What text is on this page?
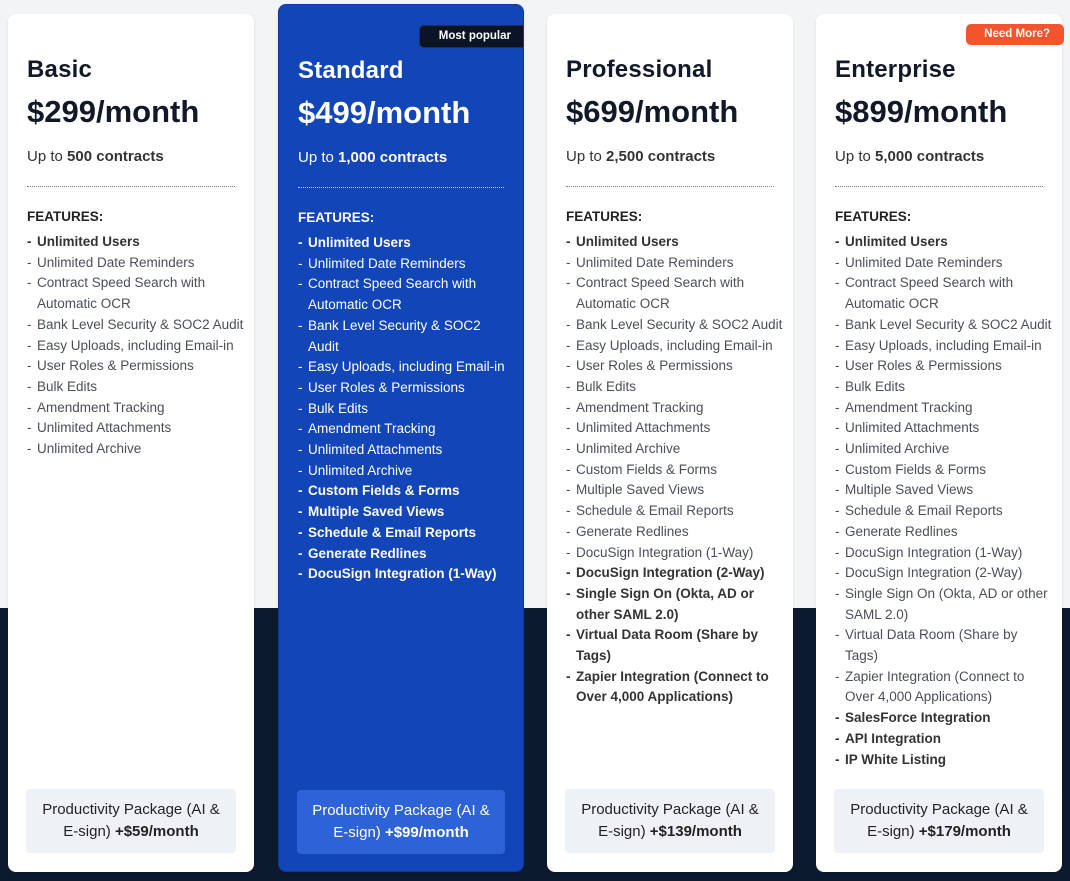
Basic
$299/month
Up to 500 contracts
FEATURES:
- Unlimited Users
- Unlimited Date Reminders
- Contract Speed Search with Automatic OCR
- Bank Level Security & SOC2 Audit
- Easy Uploads, including Email-in
- User Roles & Permissions
- Bulk Edits
- Amendment Tracking
- Unlimited Attachments
- Unlimited Archive
Productivity Package (AI & E-sign) +$59/month
Most popular
Standard
$499/month
Up to 1,000 contracts
FEATURES:
- Unlimited Users
- Unlimited Date Reminders
- Contract Speed Search with Automatic OCR
- Bank Level Security & SOC2 Audit
- Easy Uploads, including Email-in
- User Roles & Permissions
- Bulk Edits
- Amendment Tracking
- Unlimited Attachments
- Unlimited Archive
- Custom Fields & Forms
- Multiple Saved Views
- Schedule & Email Reports
- Generate Redlines
- DocuSign Integration (1-Way)
Productivity Package (AI & E-sign) +$99/month
Professional
$699/month
Up to 2,500 contracts
FEATURES:
- Unlimited Users
- Unlimited Date Reminders
- Contract Speed Search with Automatic OCR
- Bank Level Security & SOC2 Audit
- Easy Uploads, including Email-in
- User Roles & Permissions
- Bulk Edits
- Amendment Tracking
- Unlimited Attachments
- Unlimited Archive
- Custom Fields & Forms
- Multiple Saved Views
- Schedule & Email Reports
- Generate Redlines
- DocuSign Integration (1-Way)
- DocuSign Integration (2-Way)
- Single Sign On (Okta, AD or other SAML 2.0)
- Virtual Data Room (Share by Tags)
- Zapier Integration (Connect to Over 4,000 Applications)
Productivity Package (AI & E-sign) +$139/month
Need More?
Enterprise
$899/month
Up to 5,000 contracts
FEATURES:
- Unlimited Users
- Unlimited Date Reminders
- Contract Speed Search with Automatic OCR
- Bank Level Security & SOC2 Audit
- Easy Uploads, including Email-in
- User Roles & Permissions
- Bulk Edits
- Amendment Tracking
- Unlimited Attachments
- Unlimited Archive
- Custom Fields & Forms
- Multiple Saved Views
- Schedule & Email Reports
- Generate Redlines
- DocuSign Integration (1-Way)
- DocuSign Integration (2-Way)
- Single Sign On (Okta, AD or other SAML 2.0)
- Virtual Data Room (Share by Tags)
- Zapier Integration (Connect to Over 4,000 Applications)
- SalesForce Integration
- API Integration
- IP White Listing
Productivity Package (AI & E-sign) +$179/month
